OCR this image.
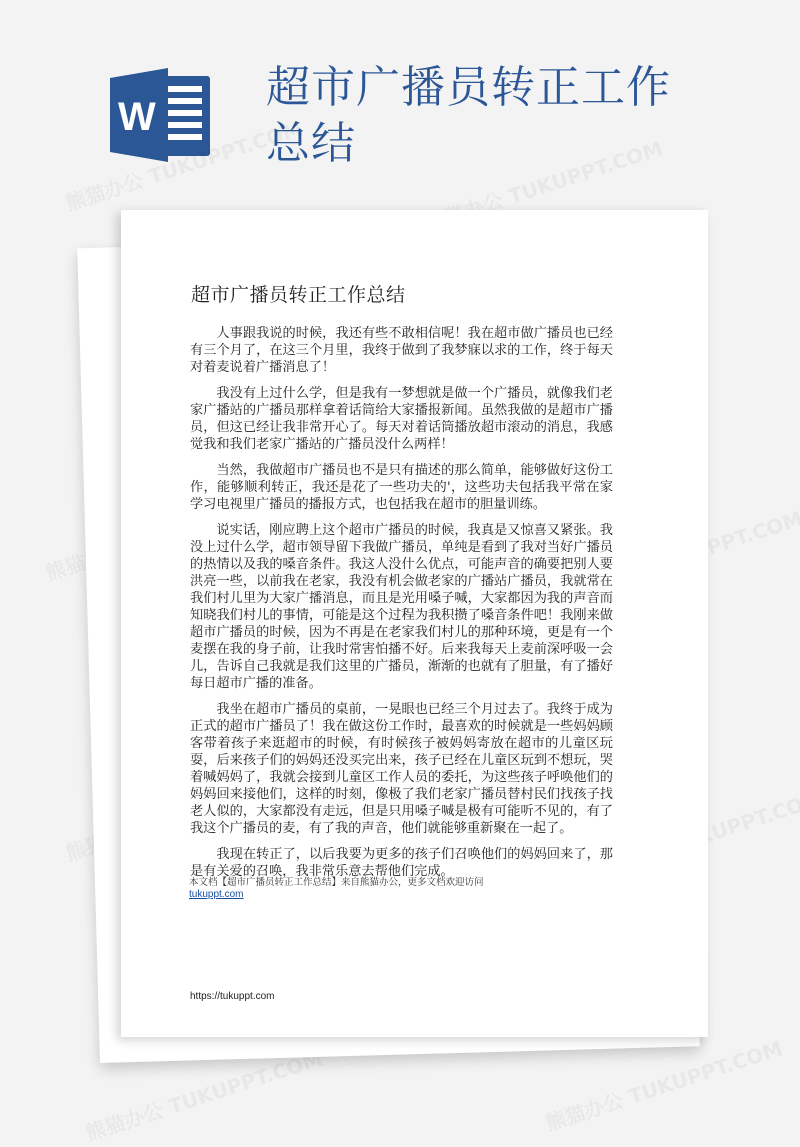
W
超市广播员转正工作总结
超市广播员转正工作总结

人事跟我说的时候，我还有些不敢相信呢！我在超市做广播员也已经有三个月了，在这三个月里，我终于做到了我梦寐以求的工作，终于每天对着麦说着广播消息了！

我没有上过什么学，但是我有一梦想就是做一个广播员，就像我们老家广播站的广播员那样拿着话筒给大家播报新闻。虽然我做的是超市广播员，但这已经让我非常开心了。每天对着话筒播放超市滚动的消息，我感觉我和我们老家广播站的广播员没什么两样！

当然，我做超市广播员也不是只有描述的那么简单，能够做好这份工作，能够顺利转正，我还是花了一些功夫的'，这些功夫包括我平常在家学习电视里广播员的播报方式，也包括我在超市的胆量训练。

说实话，刚应聘上这个超市广播员的时候，我真是又惊喜又紧张。我没上过什么学，超市领导留下我做广播员，单纯是看到了我对当好广播员的热情以及我的嗓音条件。我这人没什么优点，可能声音的确要把别人要洪亮一些，以前我在老家，我没有机会做老家的广播站广播员，我就常在我们村儿里为大家广播消息，而且是光用嗓子喊，大家都因为我的声音而知晓我们村儿的事情，可能是这个过程为我积攒了嗓音条件吧！我刚来做超市广播员的时候，因为不再是在老家我们村儿的那种环境，更是有一个麦摆在我的身子前，让我时常害怕播不好。后来我每天上麦前深呼吸一会儿，告诉自己我就是我们这里的广播员，渐渐的也就有了胆量，有了播好每日超市广播的准备。

我坐在超市广播员的桌前，一晃眼也已经三个月过去了。我终于成为正式的超市广播员了！我在做这份工作时，最喜欢的时候就是一些妈妈顾客带着孩子来逛超市的时候，有时候孩子被妈妈寄放在超市的儿童区玩耍，后来孩子们的妈妈还没买完出来，孩子已经在儿童区玩到不想玩，哭着喊妈妈了，我就会接到儿童区工作人员的委托，为这些孩子呼唤他们的妈妈回来接他们，这样的时刻，像极了我们老家广播员替村民们找孩子找老人似的，大家都没有走远，但是只用嗓子喊是极有可能听不见的，有了我这个广播员的麦，有了我的声音，他们就能够重新聚在一起了。

我现在转正了，以后我要为更多的孩子们召唤他们的妈妈回来了，那是有关爱的召唤，我非常乐意去帮他们完成。

本文档【超市广播员转正工作总结】来自熊猫办公，更多文档欢迎访问
tukuppt.com
https://tukuppt.com
